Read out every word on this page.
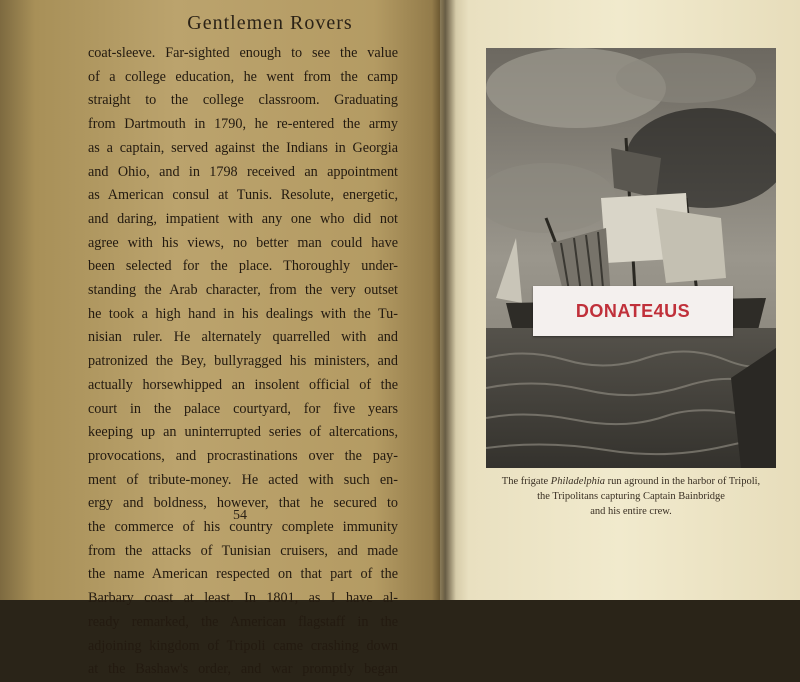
Gentlemen Rovers
coat-sleeve. Far-sighted enough to see the value
of a college education, he went from the camp
straight to the college classroom. Graduating
from Dartmouth in 1790, he re-entered the army
as a captain, served against the Indians in Georgia
and Ohio, and in 1798 received an appointment
as American consul at Tunis. Resolute, energetic,
and daring, impatient with any one who did not
agree with his views, no better man could have
been selected for the place. Thoroughly under-
standing the Arab character, from the very outset
he took a high hand in his dealings with the Tu-
nisian ruler. He alternately quarrelled with and
patronized the Bey, bullyragged his ministers, and
actually horsewhipped an insolent official of the
court in the palace courtyard, for five years
keeping up an uninterrupted series of altercations,
provocations, and procrastinations over the pay-
ment of tribute-money. He acted with such en-
ergy and boldness, however, that he secured to
the commerce of his country complete immunity
from the attacks of Tunisian cruisers, and made
the name American respected on that part of the
Barbary coast at least. In 1801, as I have al-
ready remarked, the American flagstaff in the
adjoining kingdom of Tripoli came crashing down
at the Bashaw's order, and war promptly began
54
DONATE4US
The frigate Philadelphia run aground in the harbor of Tripoli,
the Tripolitans capturing Captain Bainbridge
and his entire crew.
